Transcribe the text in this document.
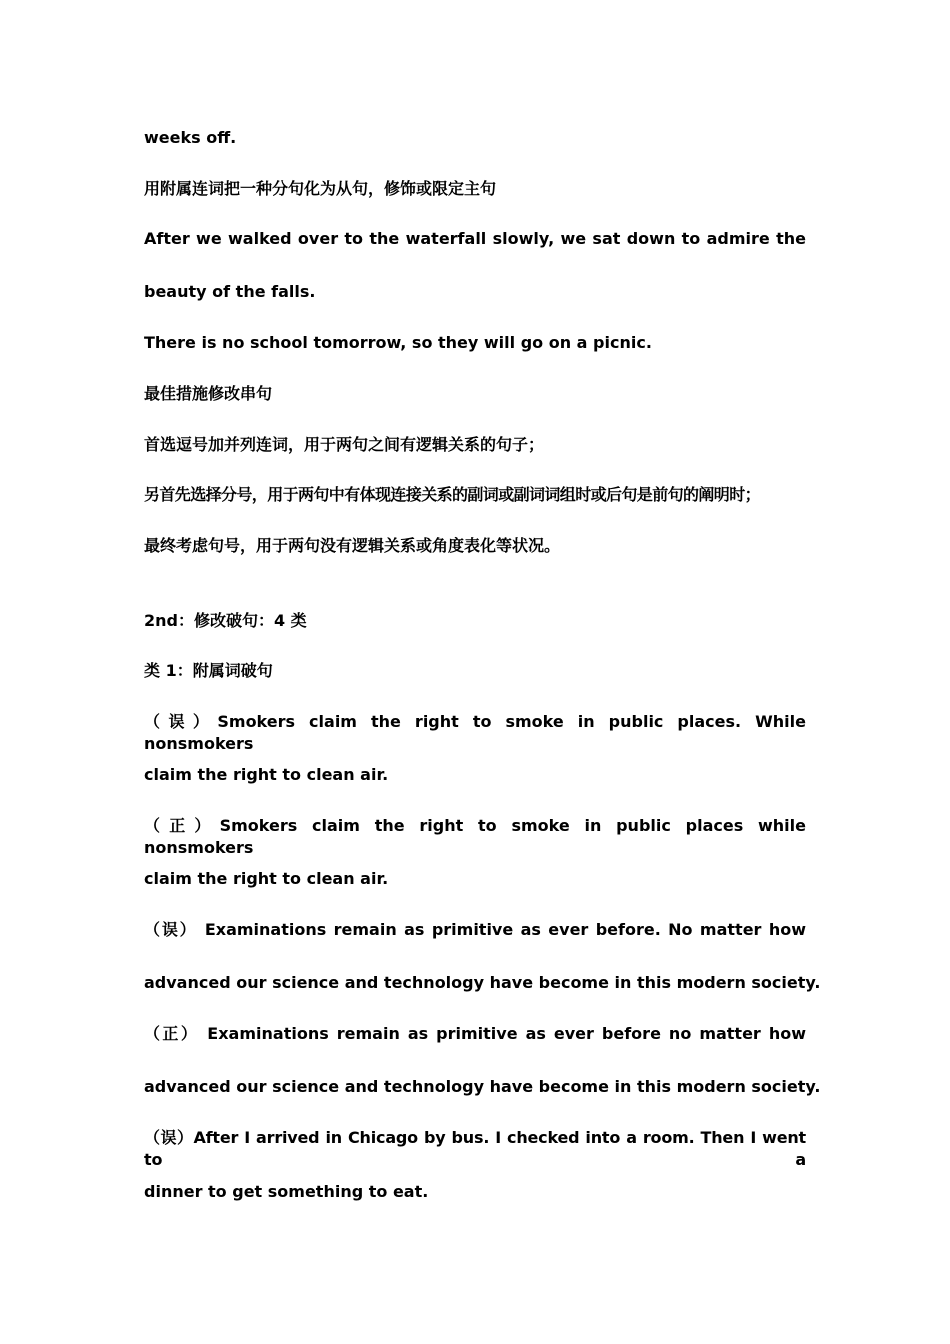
weeks off.
用附属连词把一种分句化为从句，修饰或限定主句
After we walked over to the waterfall slowly, we sat down to admire the
beauty of the falls.
There is no school tomorrow, so they will go on a picnic.
最佳措施修改串句
首选逗号加并列连词，用于两句之间有逻辑关系的句子；
另首先选择分号，用于两句中有体现连接关系的副词或副词词组时或后句是前句的阐明时；
最终考虑句号，用于两句没有逻辑关系或角度表化等状况。
2nd：修改破句：4 类
类 1：附属词破句
（误）Smokers claim the right to smoke in public places. While nonsmokers
claim the right to clean air.
（正）Smokers claim the right to smoke in public places while nonsmokers
claim the right to clean air.
（误） Examinations remain as primitive as ever before. No matter how
advanced our science and technology have become in this modern society.
（正） Examinations remain as primitive as ever before no matter how
advanced our science and technology have become in this modern society.
（误）After I arrived in Chicago by bus. I checked into a room. Then I went to a
dinner to get something to eat.
